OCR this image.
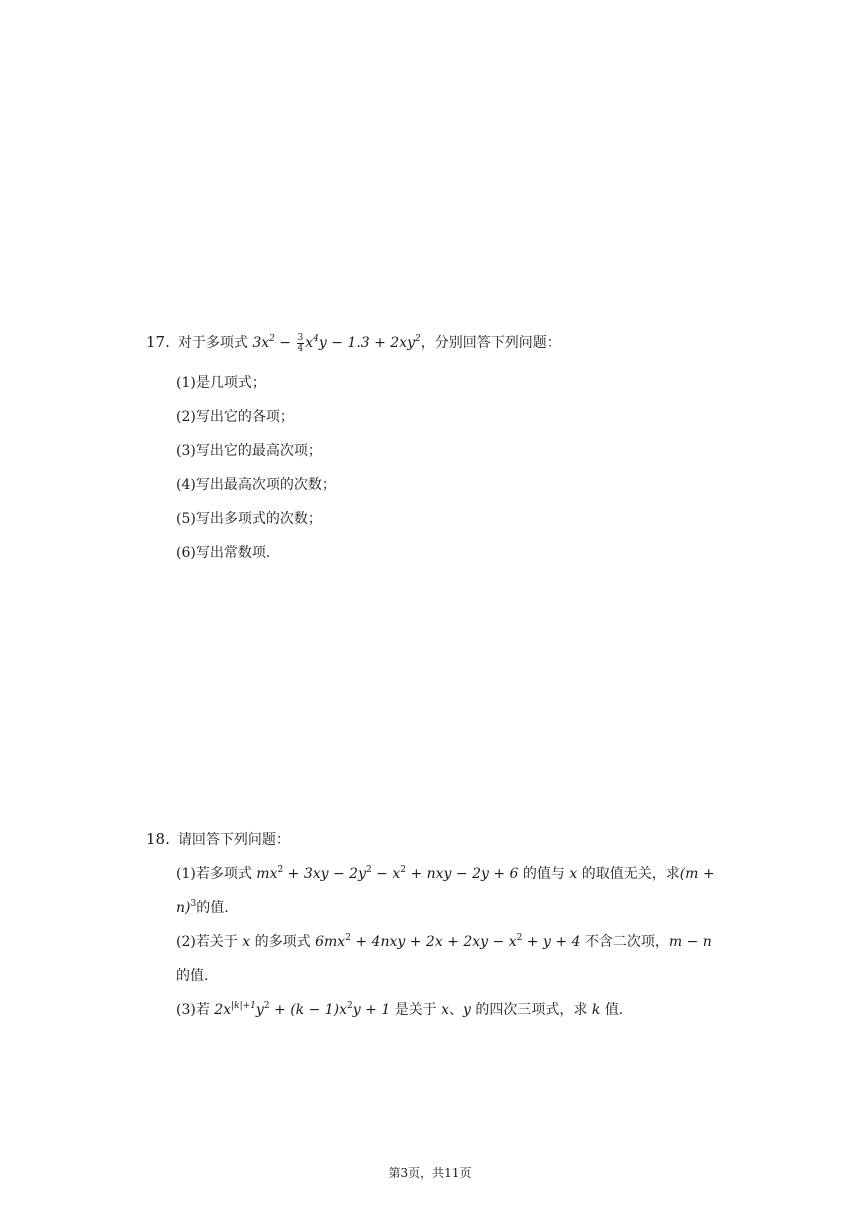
17. 对于多项式 $3x^2 - \frac{3}{4} x^4y - 1.3 + 2xy^2$，分别回答下列问题：
(1)是几项式；
(2)写出它的各项；
(3)写出它的最高次项；
(4)写出最高次项的次数；
(5)写出多项式的次数；
(6)写出常数项.
18. 请回答下列问题：
(1)若多项式 $mx^2 + 3xy - 2y^2 - x^2$ + nxy − 2y + 6 的值与 x 的取值无关，求(m +
n)$^3$的值.
(2)若关于 x 的多项式 $6mx^2 + 4nxy + 2x + 2xy - x^2 + y + 4$ 不含二次项，m − n
的值.
(3)若 $2x^{|k|+1}y^2 + (k - 1)x^2y + 1$ 是关于 x、y 的四次三项式，求 k 值.
第3页，共11页
